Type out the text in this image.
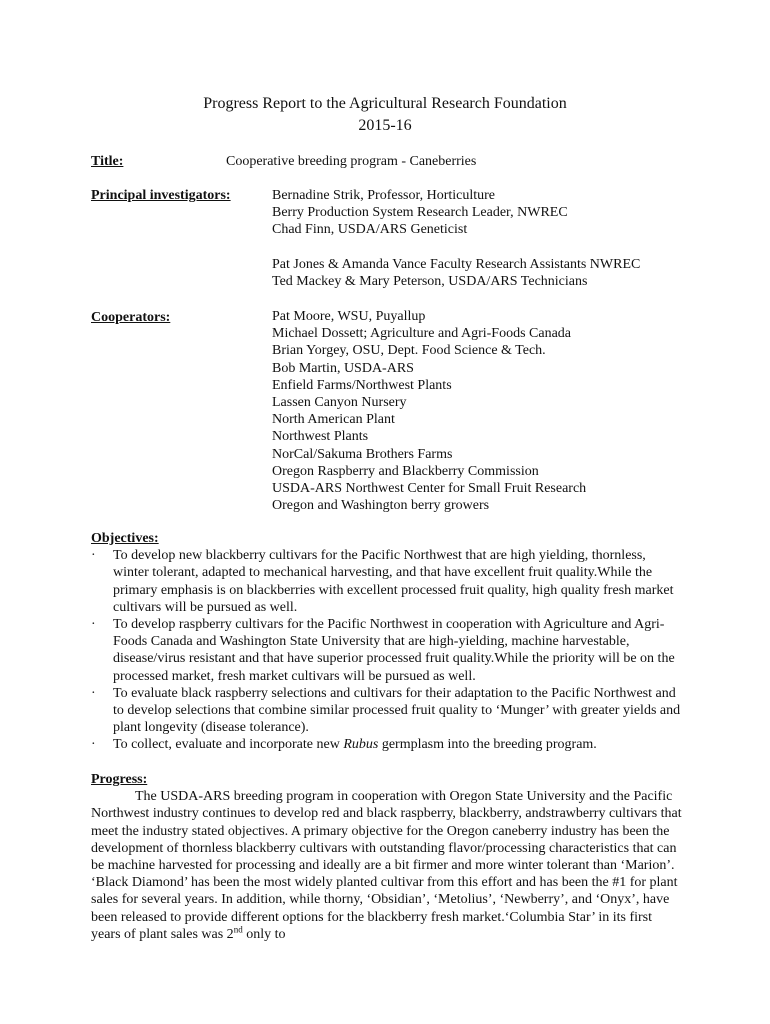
Progress Report to the Agricultural Research Foundation
2015-16
Title:	Cooperative breeding program - Caneberries
Principal investigators:	Bernadine Strik, Professor, Horticulture
Berry Production System Research Leader, NWREC
Chad Finn, USDA/ARS Geneticist
Pat Jones & Amanda Vance Faculty Research Assistants NWREC
Ted Mackey & Mary Peterson, USDA/ARS Technicians
Cooperators:	Pat Moore, WSU, Puyallup
Michael Dossett; Agriculture and Agri-Foods Canada
Brian Yorgey, OSU, Dept. Food Science & Tech.
Bob Martin, USDA-ARS
Enfield Farms/Northwest Plants
Lassen Canyon Nursery
North American Plant
Northwest Plants
NorCal/Sakuma Brothers Farms
Oregon Raspberry and Blackberry Commission
USDA-ARS Northwest Center for Small Fruit Research
Oregon and Washington berry growers
Objectives:
· To develop new blackberry cultivars for the Pacific Northwest that are high yielding, thornless, winter tolerant, adapted to mechanical harvesting, and that have excellent fruit quality.While the primary emphasis is on blackberries with excellent processed fruit quality, high quality fresh market cultivars will be pursued as well.
· To develop raspberry cultivars for the Pacific Northwest in cooperation with Agriculture and Agri-Foods Canada and Washington State University that are high-yielding, machine harvestable, disease/virus resistant and that have superior processed fruit quality.While the priority will be on the processed market, fresh market cultivars will be pursued as well.
· To evaluate black raspberry selections and cultivars for their adaptation to the Pacific Northwest and to develop selections that combine similar processed fruit quality to ‘Munger’ with greater yields and plant longevity (disease tolerance).
· To collect, evaluate and incorporate new Rubus germplasm into the breeding program.
Progress:
The USDA-ARS breeding program in cooperation with Oregon State University and the Pacific Northwest industry continues to develop red and black raspberry, blackberry, andstrawberry cultivars that meet the industry stated objectives. A primary objective for the Oregon caneberry industry has been the development of thornless blackberry cultivars with outstanding flavor/processing characteristics that can be machine harvested for processing and ideally are a bit firmer and more winter tolerant than ‘Marion’. ‘Black Diamond’ has been the most widely planted cultivar from this effort and has been the #1 for plant sales for several years. In addition, while thorny, ‘Obsidian’, ‘Metolius’, ‘Newberry’, and ‘Onyx’, have been released to provide different options for the blackberry fresh market.‘Columbia Star’ in its first years of plant sales was 2nd only to
